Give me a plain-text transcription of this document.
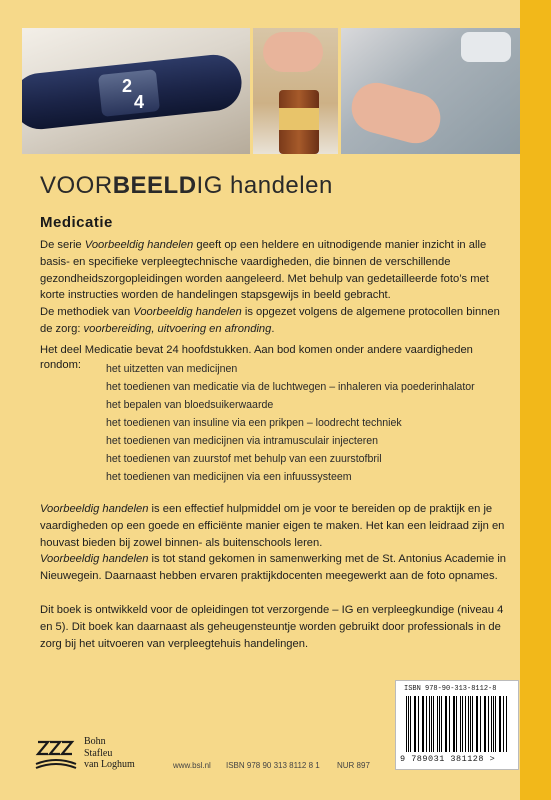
2
4
VOORBEELDIG handelen
Medicatie
De serie Voorbeeldig handelen geeft op een heldere en uitnodigende manier inzicht in alle basis- en specifieke verpleegtechnische vaardigheden, die binnen de verschillende gezondheidszorgopleidingen worden aangeleerd. Met behulp van gedetailleerde foto’s met korte instructies worden de handelingen stapsgewijs in beeld gebracht.
De methodiek van Voorbeeldig handelen is opgezet volgens de algemene protocollen binnen de zorg: voorbereiding, uitvoering en afronding.
Het deel Medicatie bevat 24 hoofdstukken. Aan bod komen onder andere vaardigheden
rondom: het uitzetten van medicijnen
het toedienen van medicatie via de luchtwegen – inhaleren via poederinhalator
het bepalen van bloedsuikerwaarde
het toedienen van insuline via een prikpen – loodrecht techniek
het toedienen van medicijnen via intramusculair injecteren
het toedienen van zuurstof met behulp van een zuurstofbril
het toedienen van medicijnen via een infuussysteem
Voorbeeldig handelen is een effectief hulpmiddel om je voor te bereiden op de praktijk en je vaardigheden op een goede en efficiënte manier eigen te maken. Het kan een leidraad zijn en houvast bieden bij zowel binnen- als buitenschools leren.
Voorbeeldig handelen is tot stand gekomen in samenwerking met de St. Antonius Academie in Nieuwegein. Daarnaast hebben ervaren praktijkdocenten meegewerkt aan de foto opnames.
Dit boek is ontwikkeld voor de opleidingen tot verzorgende – IG en verpleegkundige (niveau 4 en 5). Dit boek kan daarnaast als geheugensteuntje worden gebruikt door professionals in de zorg bij het uitvoeren van verpleegtehuis handelingen.
ISBN 978-90-313-8112-8
9 789031 381128 >
Bohn
Stafleu
van Loghum	www.bsl.nl ISBN 978 90 313 8112 8 1 NUR 897
